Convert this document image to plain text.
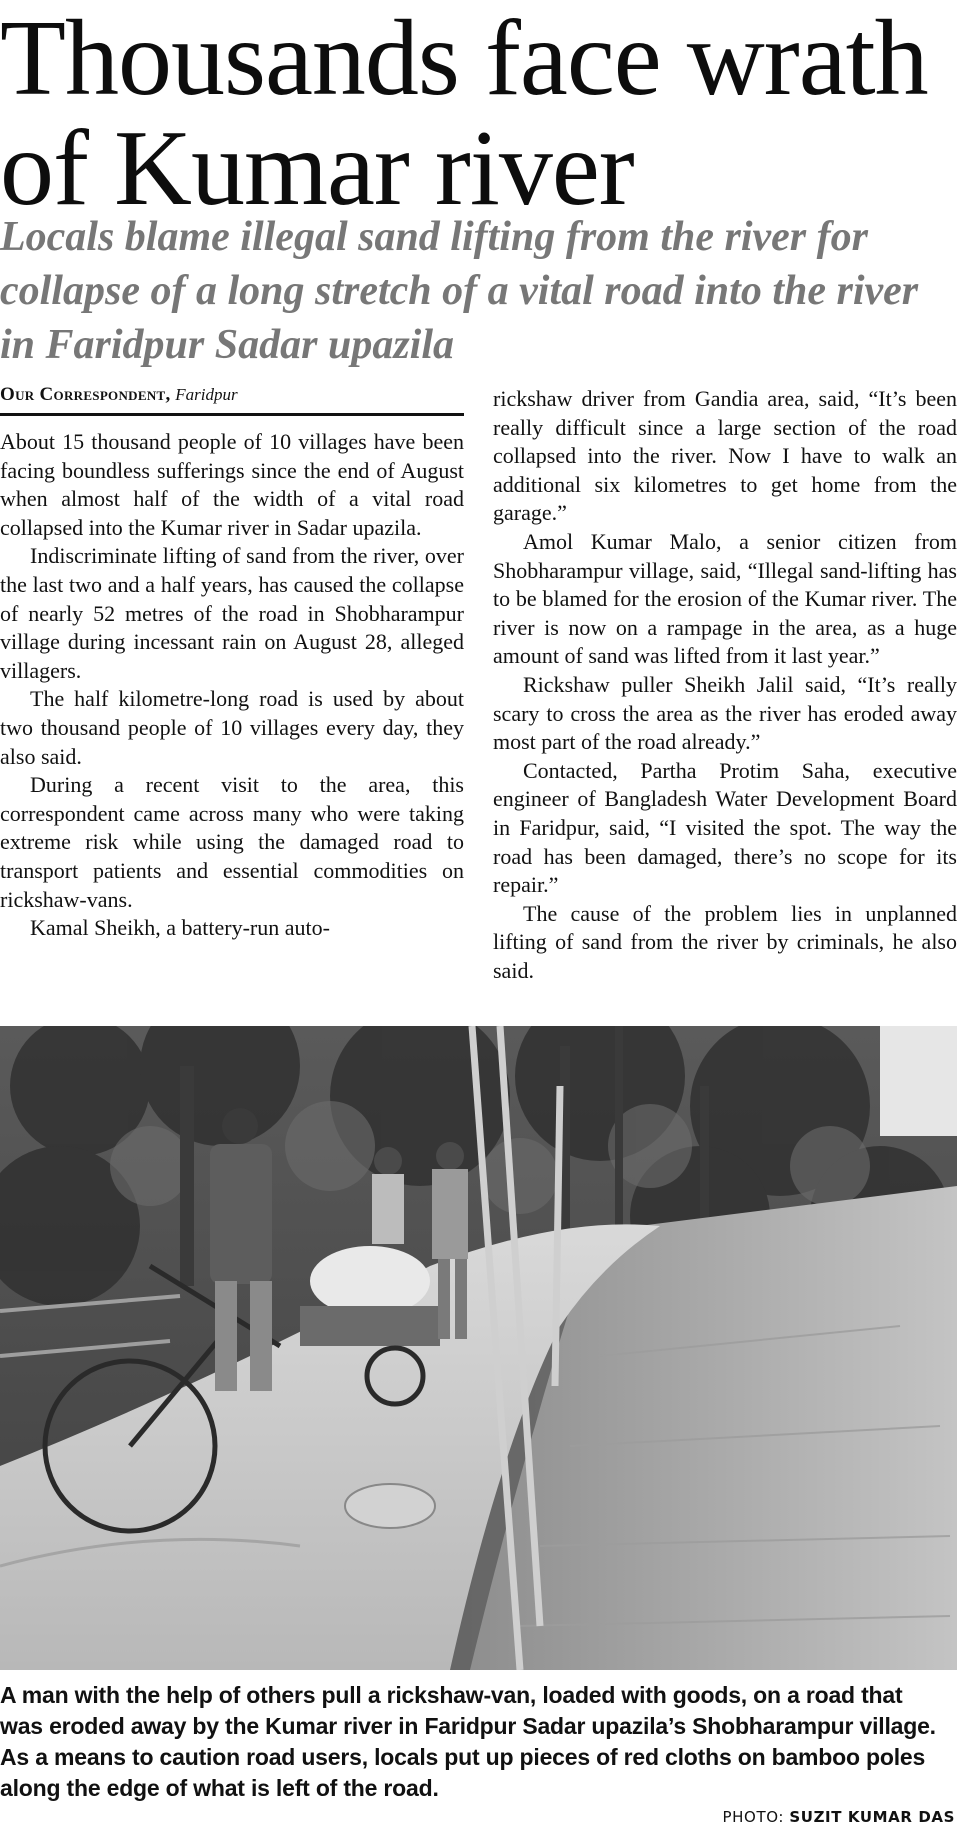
Thousands face wrath of Kumar river
Locals blame illegal sand lifting from the river for collapse of a long stretch of a vital road into the river in Faridpur Sadar upazila
Our Correspondent, Faridpur

About 15 thousand people of 10 villages have been facing boundless sufferings since the end of August when almost half of the width of a vital road collapsed into the Kumar river in Sadar upazila.

Indiscriminate lifting of sand from the river, over the last two and a half years, has caused the collapse of nearly 52 metres of the road in Shobharampur village during incessant rain on August 28, alleged villagers.

The half kilometre-long road is used by about two thousand people of 10 villages every day, they also said.

During a recent visit to the area, this correspondent came across many who were taking extreme risk while using the damaged road to transport patients and essential commodities on rickshaw-vans.

Kamal Sheikh, a battery-run auto-

rickshaw driver from Gandia area, said, “It’s been really difficult since a large section of the road collapsed into the river. Now I have to walk an additional six kilometres to get home from the garage.”

Amol Kumar Malo, a senior citizen from Shobharampur village, said, “Illegal sand-lifting has to be blamed for the erosion of the Kumar river. The river is now on a rampage in the area, as a huge amount of sand was lifted from it last year.”

Rickshaw puller Sheikh Jalil said, “It’s really scary to cross the area as the river has eroded away most part of the road already.”

Contacted, Partha Protim Saha, executive engineer of Bangladesh Water Development Board in Faridpur, said, “I visited the spot. The way the road has been damaged, there’s no scope for its repair.”

The cause of the problem lies in unplanned lifting of sand from the river by criminals, he also said.

A man with the help of others pull a rickshaw-van, loaded with goods, on a road that was eroded away by the Kumar river in Faridpur Sadar upazila’s Shobharampur village. As a means to caution road users, locals put up pieces of red cloths on bamboo poles along the edge of what is left of the road.
PHOTO: SUZIT KUMAR DAS
